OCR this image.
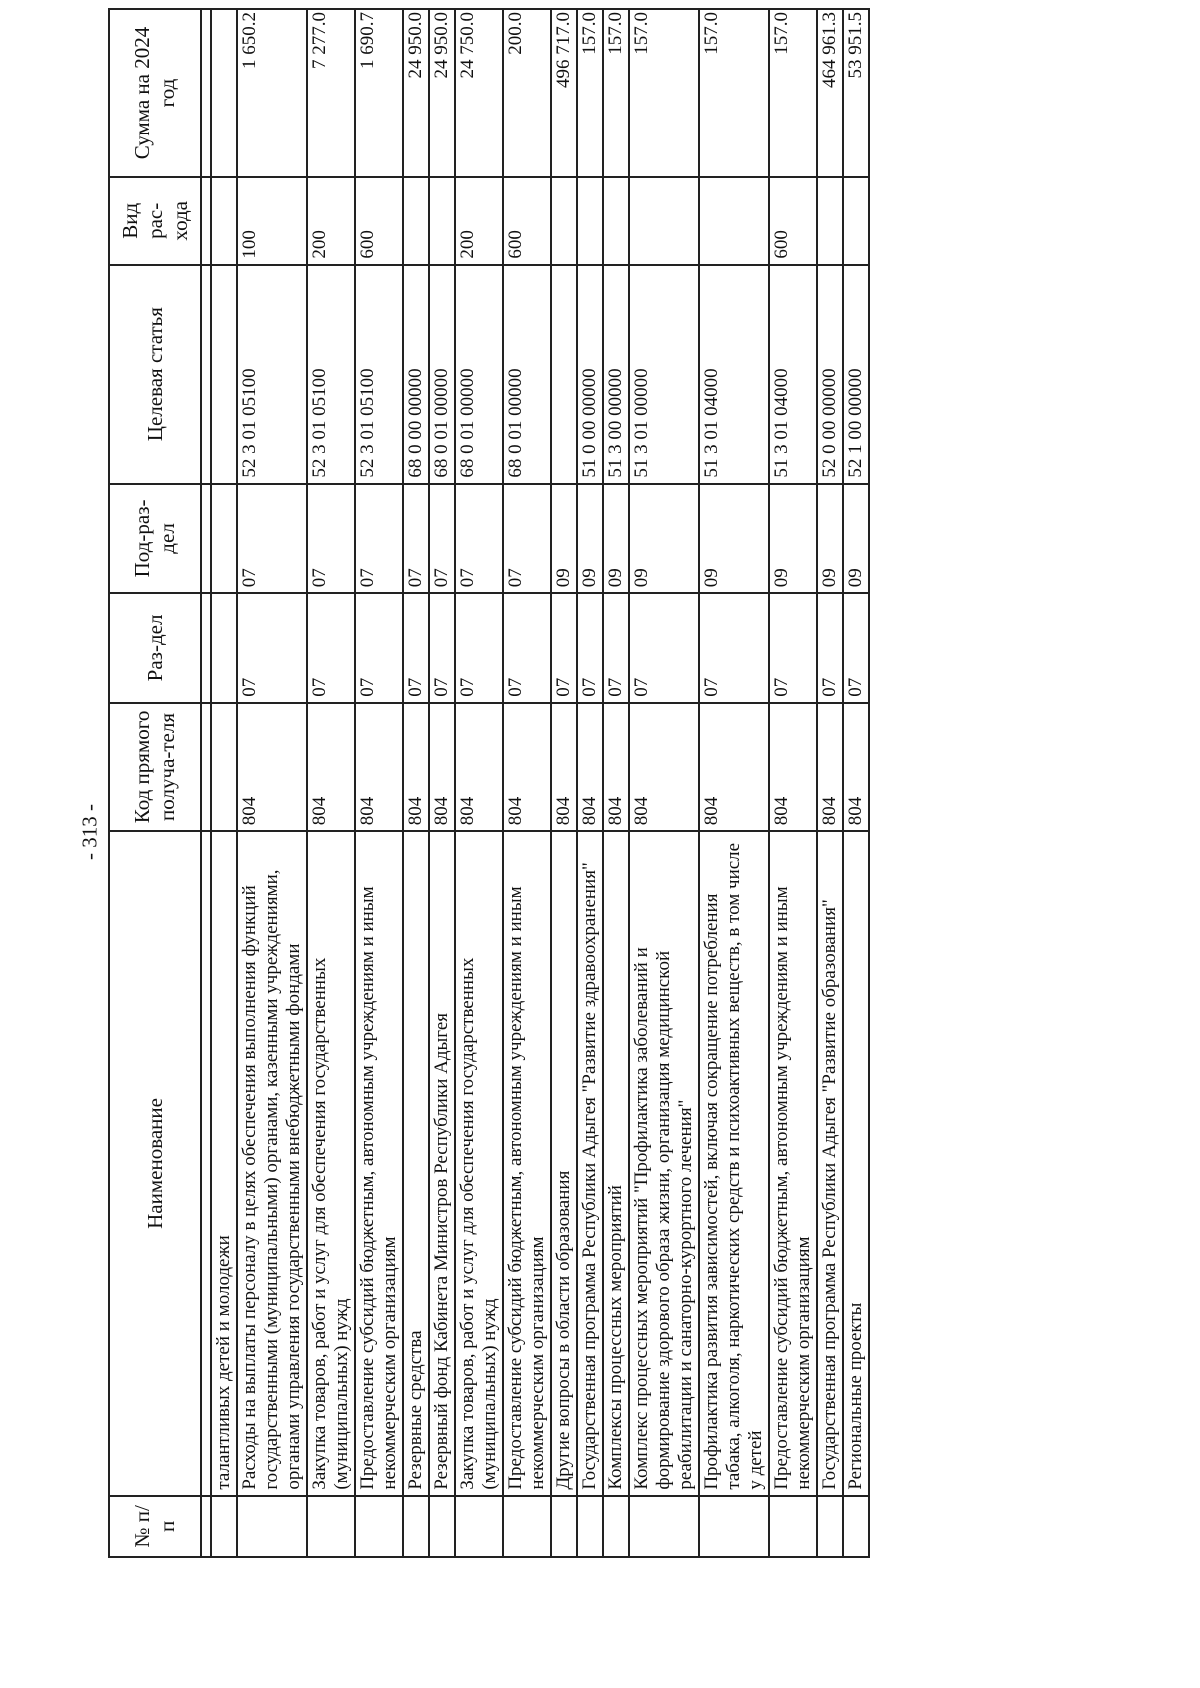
- 313 -
№ п/п	Наименование	Код прямого получа-теля	Раз-дел	Под-раз-дел	Целевая статья	Вид рас-хода	Сумма на 2024 год

	талантливых детей и молодежи						
	Расходы на выплаты персоналу в целях обеспечения выполнения функций государственными (муниципальными) органами, казенными учреждениями, органами управления государственными внебюджетными фондами	804	07	07	52 3 01 05100	100	1 650.2
	Закупка товаров, работ и услуг для обеспечения государственных (муниципальных) нужд	804	07	07	52 3 01 05100	200	7 277.0
	Предоставление субсидий бюджетным, автономным учреждениям и иным некоммерческим организациям	804	07	07	52 3 01 05100	600	1 690.7
	Резервные средства	804	07	07	68 0 00 00000		24 950.0
	Резервный фонд Кабинета Министров Республики Адыгея	804	07	07	68 0 01 00000		24 950.0
	Закупка товаров, работ и услуг для обеспечения государственных (муниципальных) нужд	804	07	07	68 0 01 00000	200	24 750.0
	Предоставление субсидий бюджетным, автономным учреждениям и иным некоммерческим организациям	804	07	07	68 0 01 00000	600	200.0
	Другие вопросы в области образования	804	07	09			496 717.0
	Государственная программа Республики Адыгея "Развитие здравоохранения"	804	07	09	51 0 00 00000		157.0
	Комплексы процессных мероприятий	804	07	09	51 3 00 00000		157.0
	Комплекс процессных мероприятий "Профилактика заболеваний и формирование здорового образа жизни, организация медицинской реабилитации и санаторно-курортного лечения"	804	07	09	51 3 01 00000		157.0
	Профилактика развития зависимостей, включая сокращение потребления табака, алкоголя, наркотических средств и психоактивных веществ, в том числе у детей	804	07	09	51 3 01 04000		157.0
	Предоставление субсидий бюджетным, автономным учреждениям и иным некоммерческим организациям	804	07	09	51 3 01 04000	600	157.0
	Государственная программа Республики Адыгея "Развитие образования"	804	07	09	52 0 00 00000		464 961.3
	Региональные проекты	804	07	09	52 1 00 00000		53 951.5
